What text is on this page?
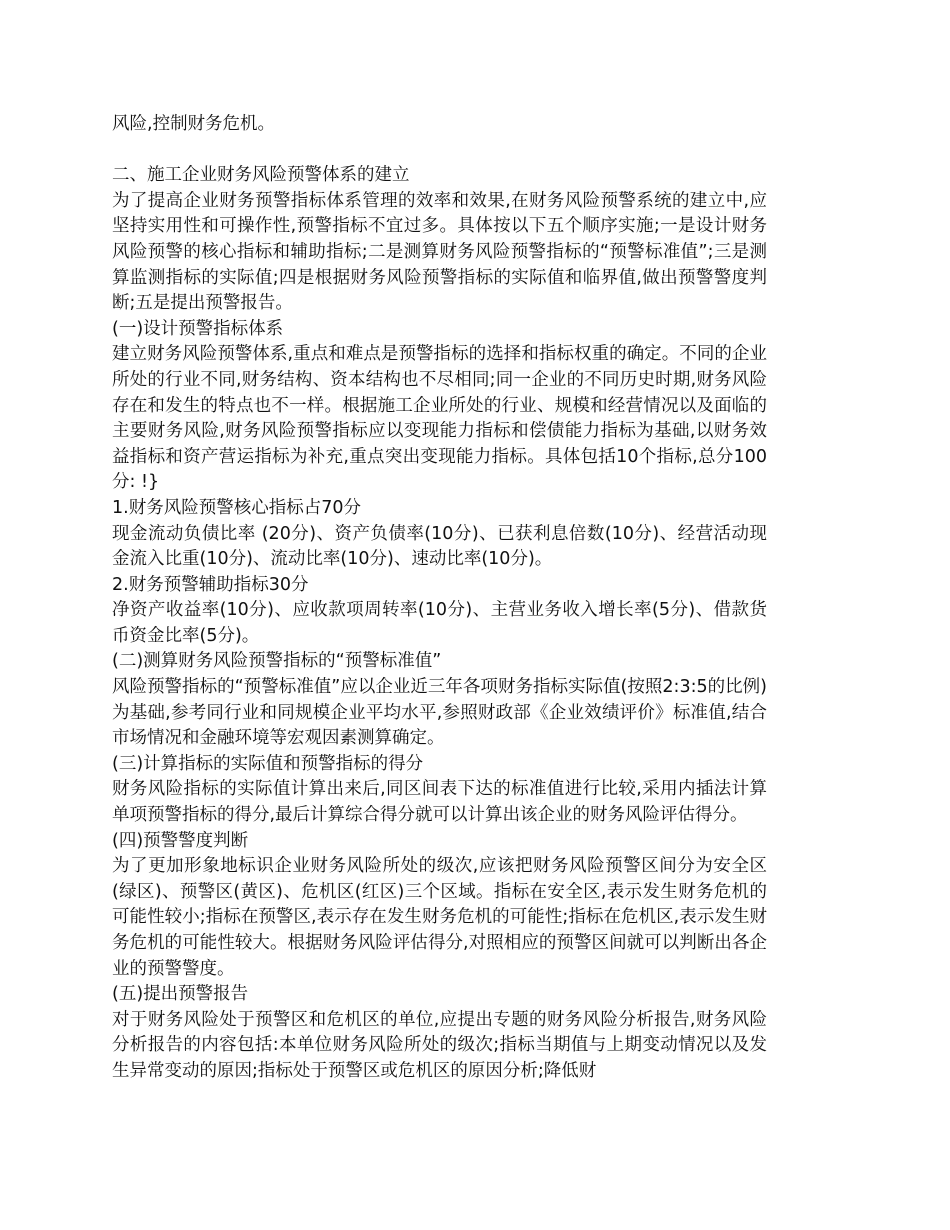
风险,控制财务危机。

二、施工企业财务风险预警体系的建立

为了提高企业财务预警指标体系管理的效率和效果,在财务风险预警系统的建立中,应坚持实用性和可操作性,预警指标不宜过多。具体按以下五个顺序实施;一是设计财务风险预警的核心指标和辅助指标;二是测算财务风险预警指标的“预警标准值”;三是测算监测指标的实际值;四是根据财务风险预警指标的实际值和临界值,做出预警警度判断;五是提出预警报告。

(一)设计预警指标体系

建立财务风险预警体系,重点和难点是预警指标的选择和指标权重的确定。不同的企业所处的行业不同,财务结构、资本结构也不尽相同;同一企业的不同历史时期,财务风险存在和发生的特点也不一样。根据施工企业所处的行业、规模和经营情况以及面临的主要财务风险,财务风险预警指标应以变现能力指标和偿债能力指标为基础,以财务效益指标和资产营运指标为补充,重点突出变现能力指标。具体包括10个指标,总分100分: !}

1.财务风险预警核心指标占70分

现金流动负债比率 (20分)、资产负债率(10分)、已获利息倍数(10分)、经营活动现金流入比重(10分)、流动比率(10分)、速动比率(10分)。

2.财务预警辅助指标30分

净资产收益率(10分)、应收款项周转率(10分)、主营业务收入增长率(5分)、借款货币资金比率(5分)。

(二)测算财务风险预警指标的“预警标准值”

风险预警指标的“预警标准值”应以企业近三年各项财务指标实际值(按照2:3:5的比例)为基础,参考同行业和同规模企业平均水平,参照财政部《企业效绩评价》标准值,结合市场情况和金融环境等宏观因素测算确定。

(三)计算指标的实际值和预警指标的得分

财务风险指标的实际值计算出来后,同区间表下达的标准值进行比较,采用内插法计算单项预警指标的得分,最后计算综合得分就可以计算出该企业的财务风险评估得分。

(四)预警警度判断

为了更加形象地标识企业财务风险所处的级次,应该把财务风险预警区间分为安全区(绿区)、预警区(黄区)、危机区(红区)三个区域。指标在安全区,表示发生财务危机的可能性较小;指标在预警区,表示存在发生财务危机的可能性;指标在危机区,表示发生财务危机的可能性较大。根据财务风险评估得分,对照相应的预警区间就可以判断出各企业的预警警度。

(五)提出预警报告

对于财务风险处于预警区和危机区的单位,应提出专题的财务风险分析报告,财务风险分析报告的内容包括:本单位财务风险所处的级次;指标当期值与上期变动情况以及发生异常变动的原因;指标处于预警区或危机区的原因分析;降低财
